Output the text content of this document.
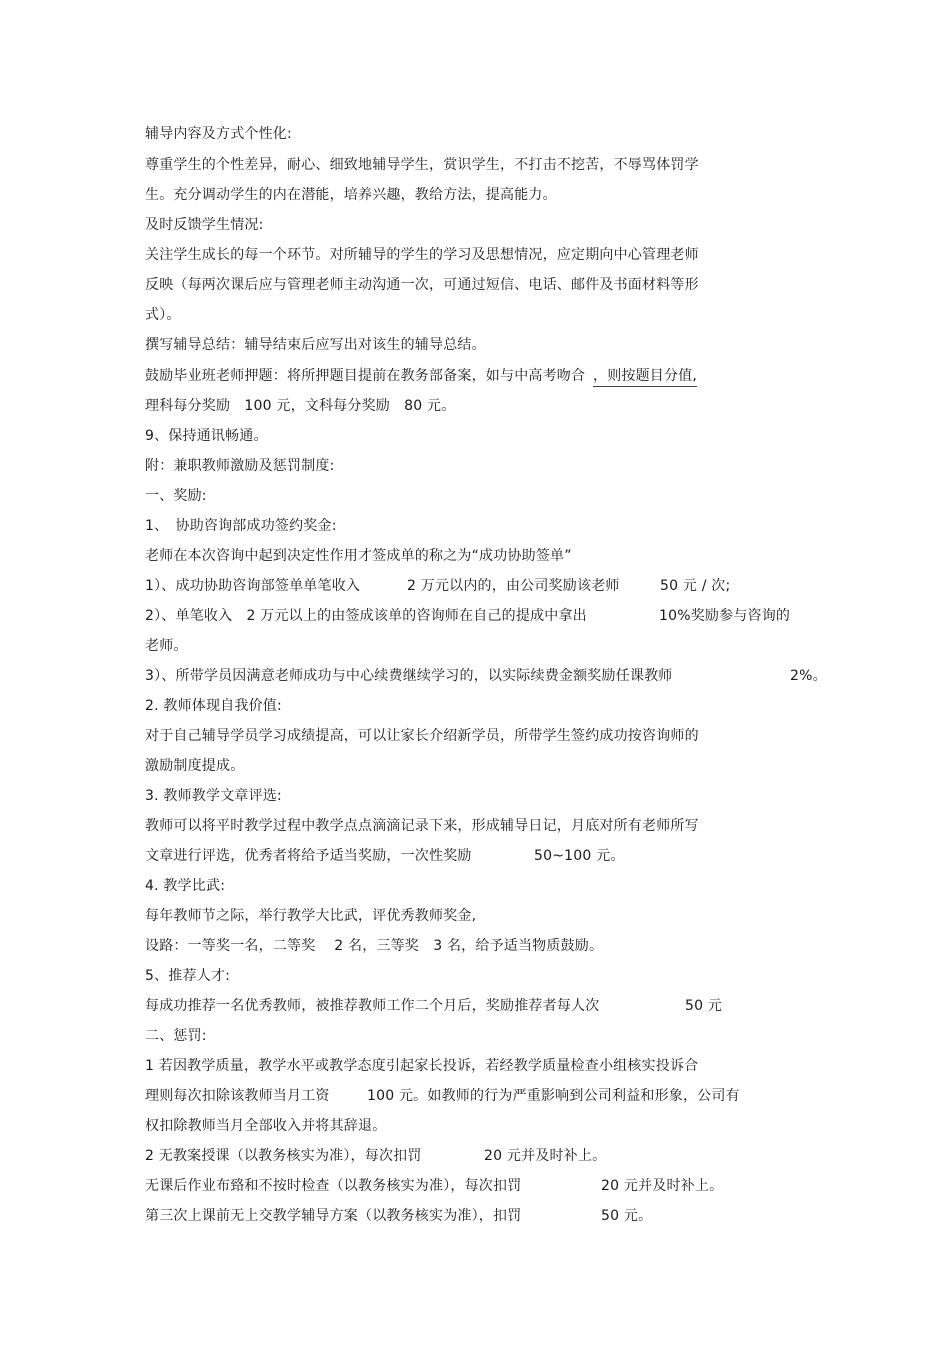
辅导内容及方式个性化:
尊重学生的个性差异，耐心、细致地辅导学生，赏识学生，不打击不挖苦，不辱骂体罚学
生。充分调动学生的内在潜能，培养兴趣，教给方法，提高能力。
及时反馈学生情况:
关注学生成长的每一个环节。对所辅导的学生的学习及思想情况，应定期向中心管理老师
反映（每两次课后应与管理老师主动沟通一次，可通过短信、电话、邮件及书面材料等形
式）。
撰写辅导总结：辅导结束后应写出对该生的辅导总结。
鼓励毕业班老师押题：将所押题目提前在教务部备案，如与中高考吻合 ，则按题目分值,
理科每分奖励　100 元，文科每分奖励　80 元。
9、保持通讯畅通。
附：兼职教师激励及惩罚制度:
一、奖励:
1、　协助咨询部成功签约奖金:
老师在本次咨询中起到决定性作用才签成单的称之为“成功协助签单”
1）、成功协助咨询部签单单笔收入	2 万元以内的，由公司奖励该老师	50 元 / 次;
2）、单笔收入　2 万元以上的由签成该单的咨询师在自己的提成中拿出	10%奖励参与咨询的
老师。
3）、所带学员因满意老师成功与中心续费继续学习的，以实际续费金额奖励任课教师	2%。
2. 教师体现自我价值:
对于自己辅导学员学习成绩提高，可以让家长介绍新学员，所带学生签约成功按咨询师的
激励制度提成。
3. 教师教学文章评选:
教师可以将平时教学过程中教学点点滴滴记录下来，形成辅导日记，月底对所有老师所写
文章进行评选，优秀者将给予适当奖励，一次性奖励	50~100 元。
4. 教学比武:
每年教师节之际，举行教学大比武，评优秀教师奖金,
设路：一等奖一名，二等奖　 2 名，三等奖　3 名，给予适当物质鼓励。
5、推荐人才:
每成功推荐一名优秀教师，被推荐教师工作二个月后，奖励推荐者每人次	50 元
二、惩罚:
1 若因教学质量，教学水平或教学态度引起家长投诉，若经教学质量检查小组核实投诉合
理则每次扣除该教师当月工资	100 元。如教师的行为严重影响到公司利益和形象，公司有
权扣除教师当月全部收入并将其辞退。
2 无教案授课（以教务核实为准），每次扣罚	20 元并及时补上。
无课后作业布臵和不按时检查（以教务核实为准），每次扣罚	20 元并及时补上。
第三次上课前无上交教学辅导方案（以教务核实为准），扣罚	50 元。
